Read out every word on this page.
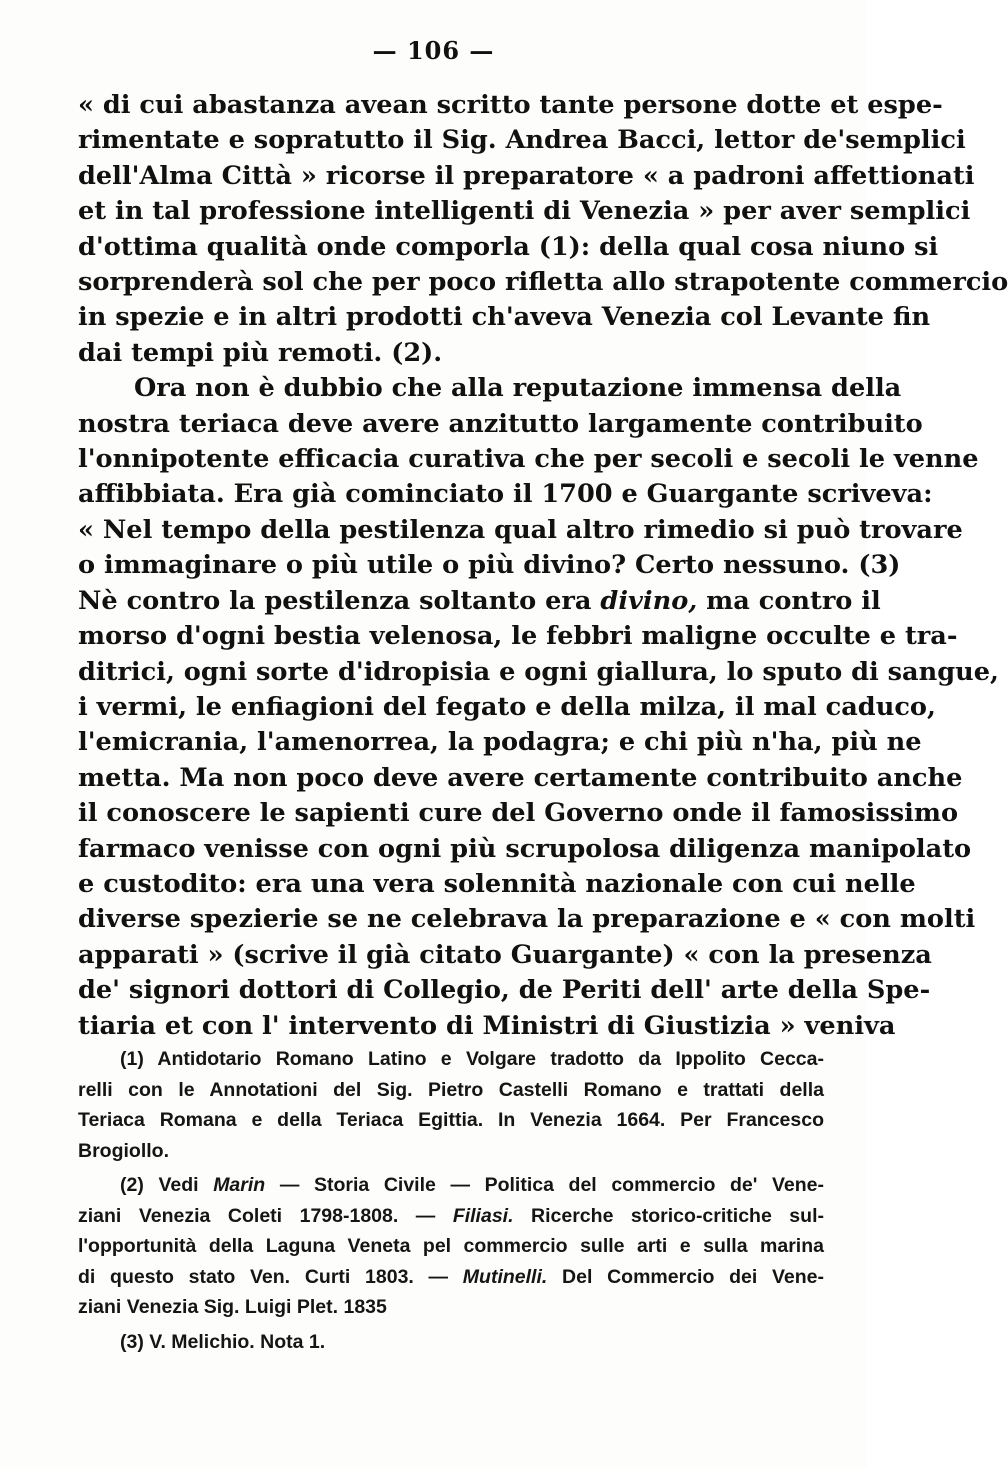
— 106 —
« di cui abastanza avean scritto tante persone dotte et espe-
rimentate e sopratutto il Sig. Andrea Bacci, lettor de'semplici
dell'Alma Città » ricorse il preparatore « a padroni affettionati
et in tal professione intelligenti di Venezia » per aver semplici
d'ottima qualità onde comporla (1): della qual cosa niuno si
sorprenderà sol che per poco rifletta allo strapotente commercio
in spezie e in altri prodotti ch'aveva Venezia col Levante fin
dai tempi più remoti. (2).
Ora non è dubbio che alla reputazione immensa della
nostra teriaca deve avere anzitutto largamente contribuito
l'onnipotente efficacia curativa che per secoli e secoli le venne
affibbiata. Era già cominciato il 1700 e Guargante scriveva:
« Nel tempo della pestilenza qual altro rimedio si può trovare
o immaginare o più utile o più divino? Certo nessuno. (3)
Nè contro la pestilenza soltanto era divino, ma contro il
morso d'ogni bestia velenosa, le febbri maligne occulte e tra-
ditrici, ogni sorte d'idropisia e ogni giallura, lo sputo di sangue,
i vermi, le enfiagioni del fegato e della milza, il mal caduco,
l'emicrania, l'amenorrea, la podagra; e chi più n'ha, più ne
metta. Ma non poco deve avere certamente contribuito anche
il conoscere le sapienti cure del Governo onde il famosissimo
farmaco venisse con ogni più scrupolosa diligenza manipolato
e custodito: era una vera solennità nazionale con cui nelle
diverse spezierie se ne celebrava la preparazione e « con molti
apparati » (scrive il già citato Guargante) « con la presenza
de' signori dottori di Collegio, de Periti dell' arte della Spe-
tiaria et con l' intervento di Ministri di Giustizia » veniva
(1) Antidotario Romano Latino e Volgare tradotto da Ippolito Cecca-
relli con le Annotationi del Sig. Pietro Castelli Romano e trattati della
Teriaca Romana e della Teriaca Egittia. In Venezia 1664. Per Francesco
Brogiollo.
(2) Vedi Marin — Storia Civile — Politica del commercio de' Vene-
ziani Venezia Coleti 1798-1808. — Filiasi. Ricerche storico-critiche sul-
l'opportunità della Laguna Veneta pel commercio sulle arti e sulla marina
di questo stato Ven. Curti 1803. — Mutinelli. Del Commercio dei Vene-
ziani Venezia Sig. Luigi Plet. 1835
(3) V. Melichio. Nota 1.
